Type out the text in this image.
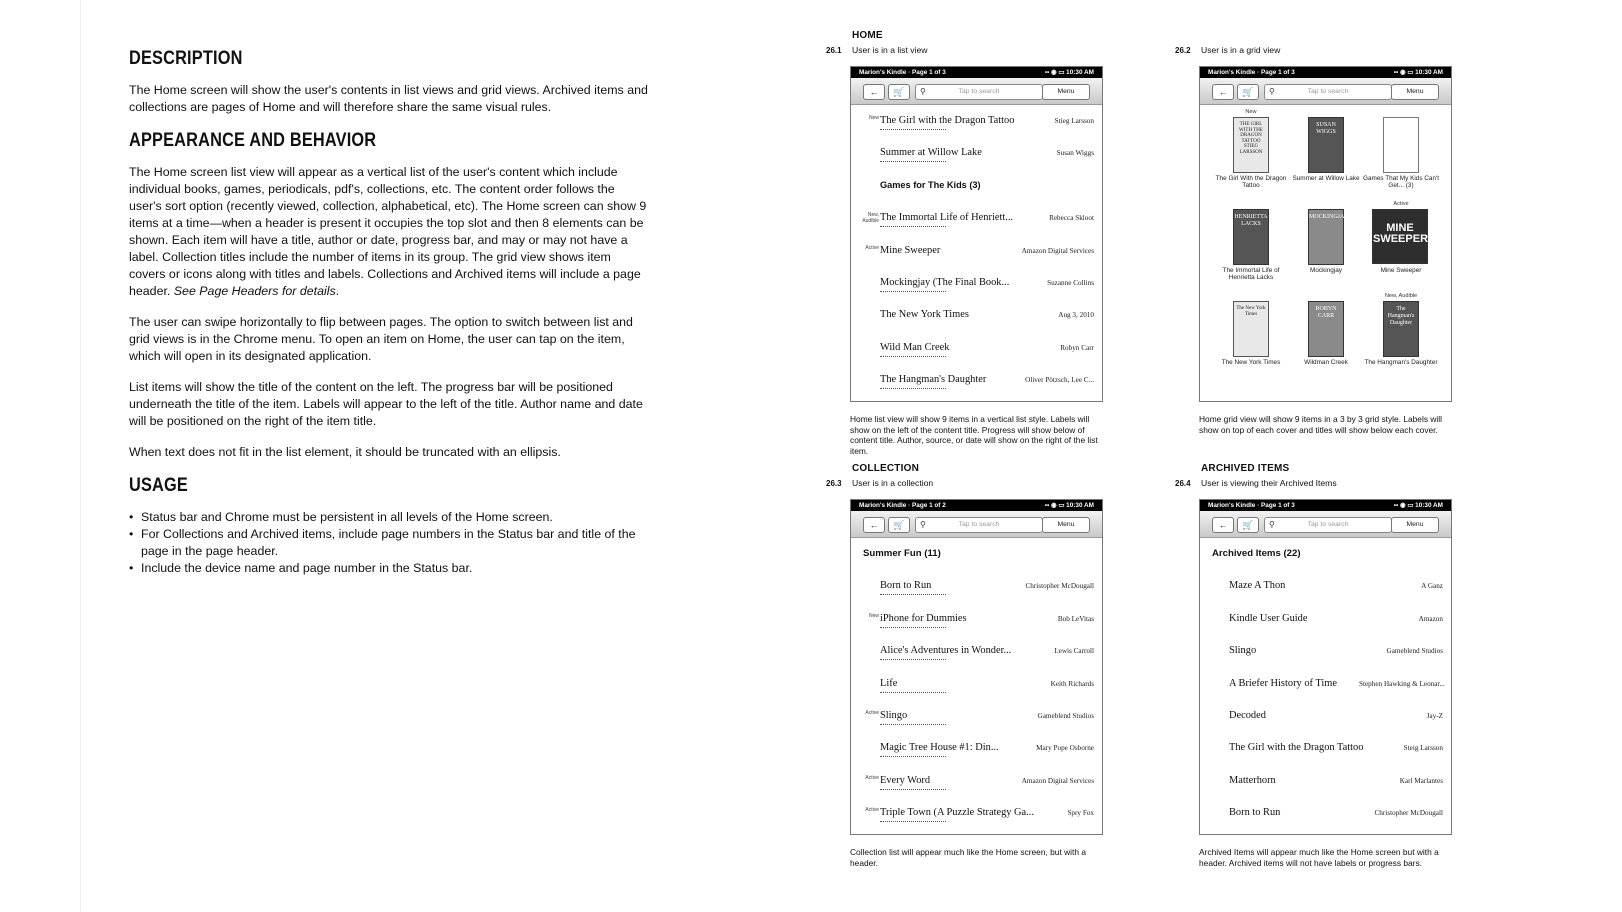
DESCRIPTION

The Home screen will show the user's contents in list views and grid views. Archived items and collections are pages of Home and will therefore share the same visual rules.

APPEARANCE AND BEHAVIOR

The Home screen list view will appear as a vertical list of the user's content which include individual books, games, periodicals, pdf's, collections, etc. The content order follows the user's sort option (recently viewed, collection, alphabetical, etc). The Home screen can show 9 items at a time—when a header is present it occupies the top slot and then 8 elements can be shown. Each item will have a title, author or date, progress bar, and may or may not have a label. Collection titles include the number of items in its group. The grid view shows item covers or icons along with titles and labels. Collections and Archived items will include a page header. See Page Headers for details.

The user can swipe horizontally to flip between pages. The option to switch between list and grid views is in the Chrome menu. To open an item on Home, the user can tap on the item, which will open in its designated application.

List items will show the title of the content on the left. The progress bar will be positioned underneath the title of the item. Labels will appear to the left of the title. Author name and date will be positioned on the right of the item title.

When text does not fit in the list element, it should be truncated with an ellipsis.

USAGE
• Status bar and Chrome must be persistent in all levels of the Home screen.
• For Collections and Archived items, include page numbers in the Status bar and title of the page in the page header.
• Include the device name and page number in the Status bar.
HOME
26.1 User is in a list view	26.2 User is in a grid view
COLLECTION
26.3 User is in a collection
ARCHIVED ITEMS
26.4 User is viewing their Archived Items
Marion's Kindle · Page 1 of 3	▪▪ ◉ ▭ 10:30 AM
←	🛒	⚲	Tap to search	Menu
New The Girl with the Dragon Tattoo	Stieg Larsson
Summer at Willow Lake	Susan Wiggs
Games for The Kids (3)
New, Audible The Immortal Life of Henriett...	Rebecca Skloot
Active Mine Sweeper	Amazon Digital Services
Mockingjay (The Final Book...	Suzanne Collins
The New York Times	Aug 3, 2010
Wild Man Creek	Robyn Carr
The Hangman's Daughter	Oliver Pötzsch, Lee C...
Home list view will show 9 items in a vertical list style. Labels will show on the left of the content title. Progress will show below of content title. Author, source, or date will show on the right of the list item.
Marion's Kindle · Page 1 of 3	▪▪ ◉ ▭ 10:30 AM
←	🛒	⚲	Tap to search	Menu
New
THE GIRL WITH THE DRAGON TATTOO STIEG LARSSON
The Girl With the Dragon Tattoo
SUSAN WIGGS
Summer at Willow Lake Games That My Kids Can't Get... (3)
HENRIETTA LACKS
The Immortal Life of Henrietta Lacks
MOCKINGJAY
Mockingjay
Active
MINE SWEEPER
Mine Sweeper
The New York Times
The New York Times
ROBYN CARR
Wildman Creek
New, Audible
The Hangman's Daughter
The Hangman's Daughter
Home grid view will show 9 items in a 3 by 3 grid style. Labels will show on top of each cover and titles will show below each cover.
Marion's Kindle · Page 1 of 2	▪▪ ◉ ▭ 10:30 AM
←	🛒	⚲	Tap to search	Menu
Summer Fun (11)
Born to Run	Christopher McDougall
New iPhone for Dummies	Bob LeVitas
Alice's Adventures in Wonder...	Lewis Carroll
Life	Keith Richards
Active Slingo	Gameblend Studios
Magic Tree House #1: Din...	Mary Pope Osborne
Active Every Word	Amazon Digital Services
Active Triple Town (A Puzzle Strategy Ga...	Spry Fox
Collection list will appear much like the Home screen, but with a header.
Marion's Kindle · Page 1 of 3	▪▪ ◉ ▭ 10:30 AM
←	🛒	⚲	Tap to search	Menu
Archived Items (22)
Maze A Thon	A Ganz
Kindle User Guide	Amazon
Slingo	Gameblend Studios
A Briefer History of Time	Stephen Hawking & Leonar...
Decoded	Jay-Z
The Girl with the Dragon Tattoo	Steig Larsson
Matterhorn	Karl Marlantes
Born to Run	Christopher McDougall
Archived Items will appear much like the Home screen but with a header. Archived items will not have labels or progress bars.
